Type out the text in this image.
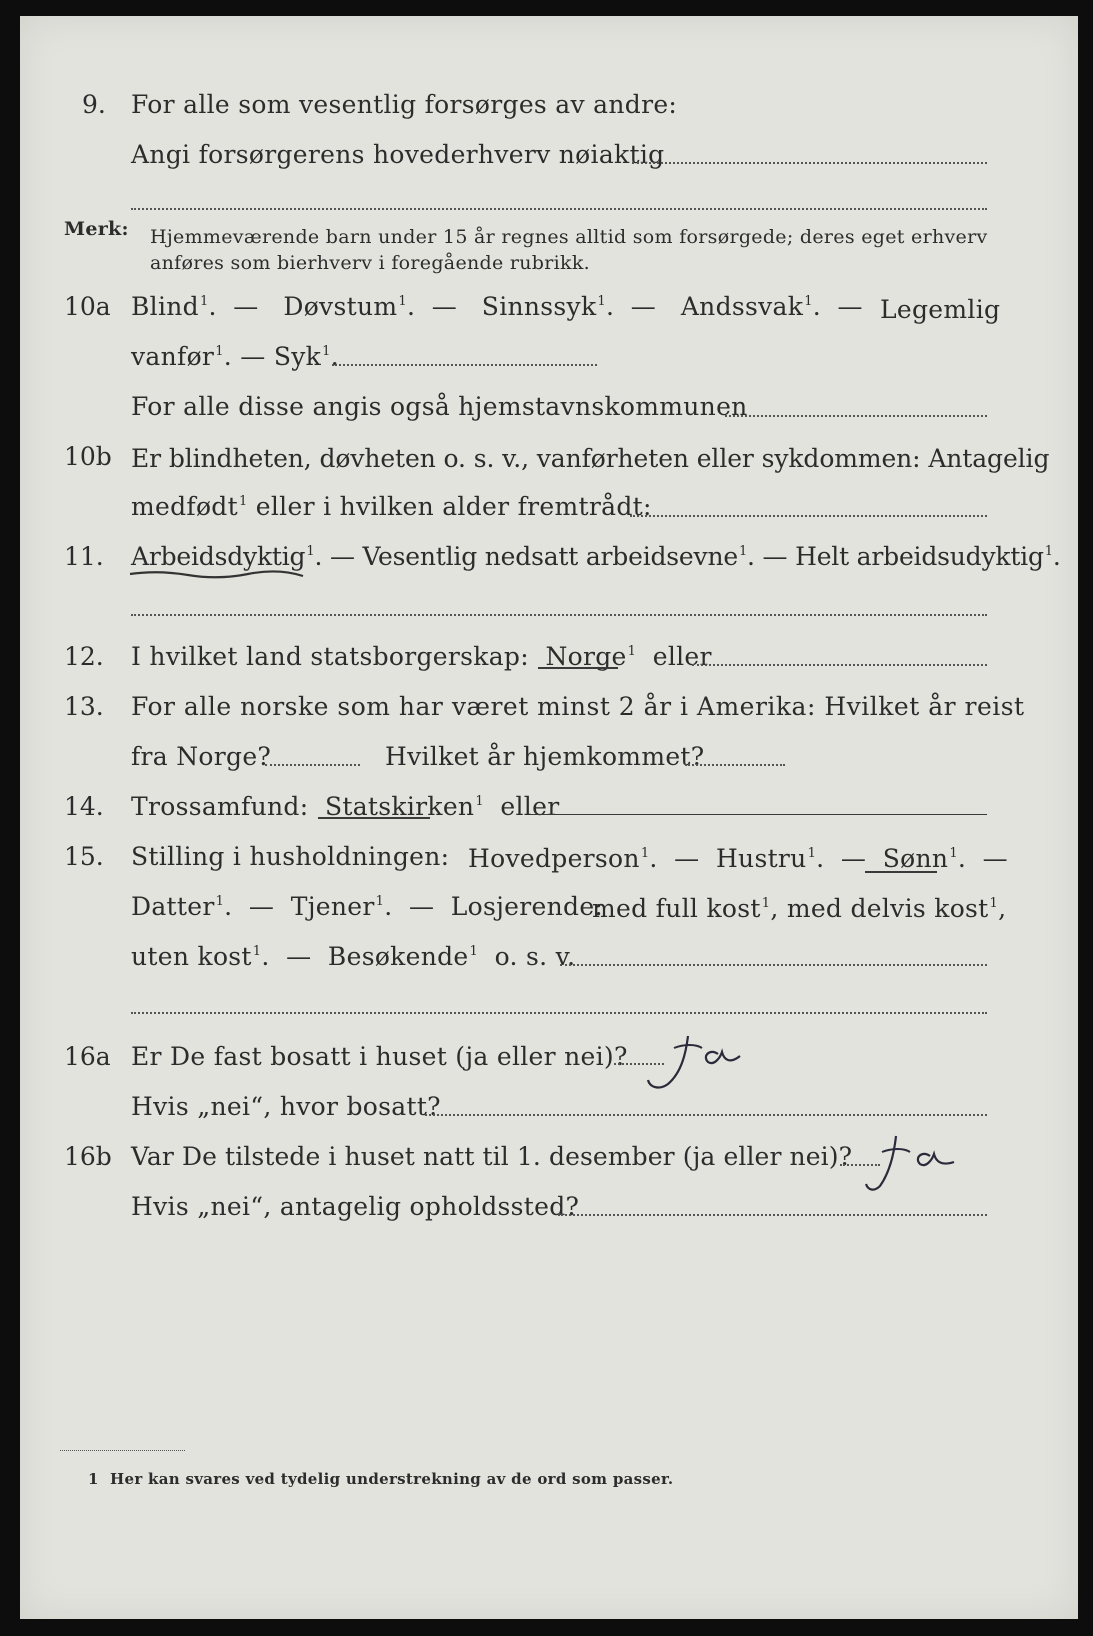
9. For alle som vesentlig forsørges av andre:
Angi forsørgerens hovederhverv nøiaktig
Merk: Hjemmeværende barn under 15 år regnes alltid som forsørgede; deres eget erhverv
anføres som bierhverv i foregående rubrikk.
10a Blind$^1$.  — Døvstum$^1$.  — Sinnssyk$^1$.  — Andssvak$^1$.  — Legemlig
vanfør$^1$. — Syk$^1$.
For alle disse angis også hjemstavnskommunen
10b Er blindheten, døvheten o. s. v., vanførheten eller sykdommen: Antagelig
medfødt$^1$ eller i hvilken alder fremtrådt:
11. Arbeidsdyktig$^1$. — Vesentlig nedsatt arbeidsevne$^1$. — Helt arbeidsudyktig$^1$.
12. I hvilket land statsborgerskap: Norge$^1$ eller
13. For alle norske som har været minst 2 år i Amerika: Hvilket år reist
fra Norge?	Hvilket år hjemkommet?
14. Trossamfund: Statskirken$^1$ eller
15. Stilling i husholdningen: Hovedperson$^1$.  — Hustru$^1$.  — Sønn$^1$.  —
Datter$^1$.  — Tjener$^1$.  — Losjerende:
med full kost$^1$, med delvis kost$^1$,
uten kost$^1$.  — Besøkende$^1$ o. s. v.
16a Er De fast bosatt i huset (ja eller nei)?
Ja
Hvis „nei“, hvor bosatt?
16b Var De tilstede i huset natt til 1. desember (ja eller nei)?
Ja
Hvis „nei“, antagelig opholdssted?
1 Her kan svares ved tydelig understrekning av de ord som passer.
